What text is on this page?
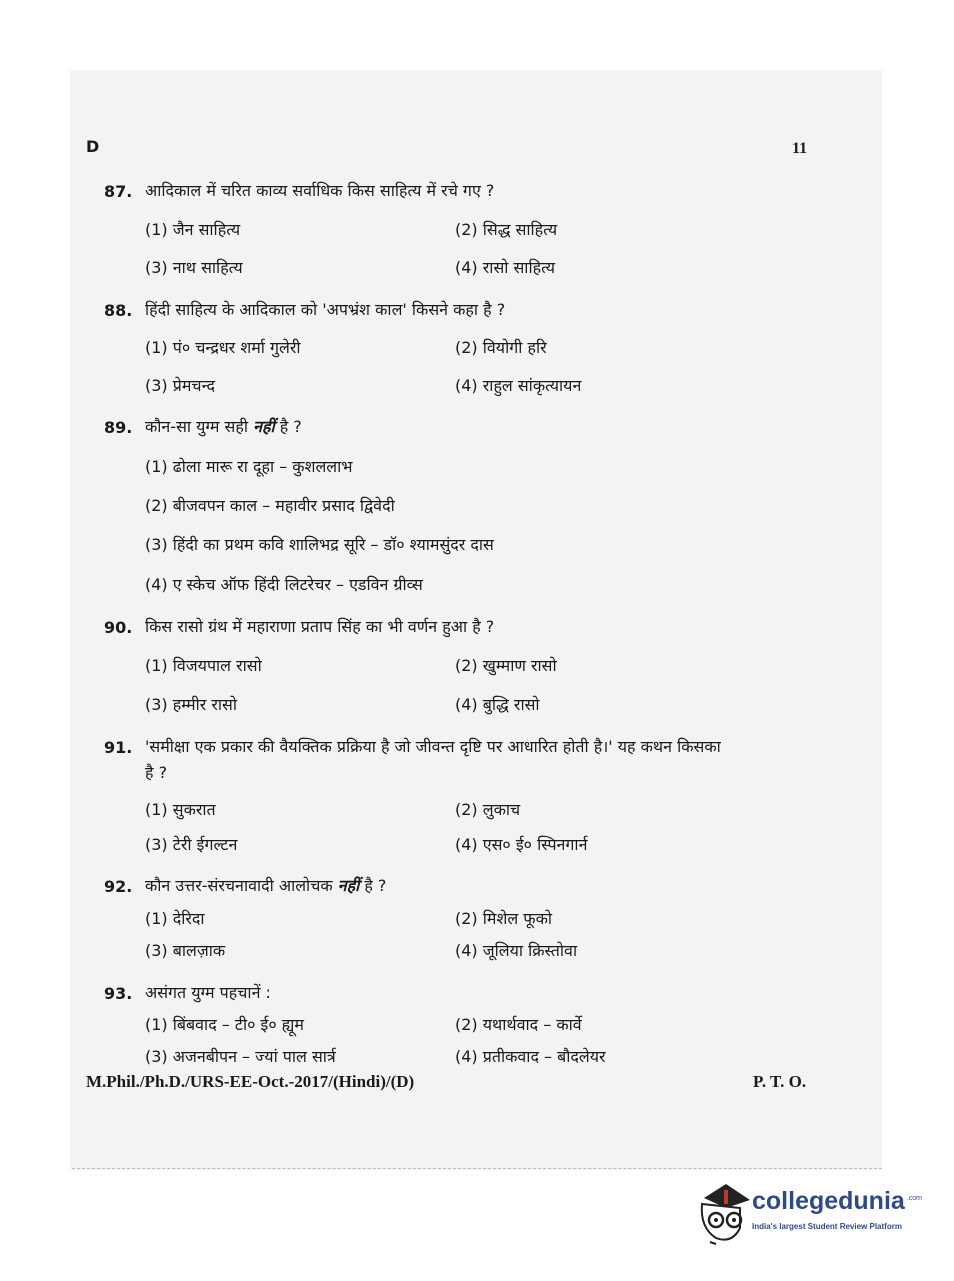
D	11
87. आदिकाल में चरित काव्य सर्वाधिक किस साहित्य में रचे गए ?
(1) जैन साहित्य	(2) सिद्ध साहित्य
(3) नाथ साहित्य	(4) रासो साहित्य
88. हिंदी साहित्य के आदिकाल को 'अपभ्रंश काल' किसने कहा है ?
(1) पं० चन्द्रधर शर्मा गुलेरी	(2) वियोगी हरि
(3) प्रेमचन्द	(4) राहुल सांकृत्यायन
89. कौन-सा युग्म सही नहीं है ?
(1) ढोला मारू रा दूहा – कुशललाभ
(2) बीजवपन काल – महावीर प्रसाद द्विवेदी
(3) हिंदी का प्रथम कवि शालिभद्र सूरि – डॉ० श्यामसुंदर दास
(4) ए स्केच ऑफ हिंदी लिटरेचर – एडविन ग्रीव्स
90. किस रासो ग्रंथ में महाराणा प्रताप सिंह का भी वर्णन हुआ है ?
(1) विजयपाल रासो	(2) खुम्माण रासो
(3) हम्मीर रासो	(4) बुद्धि रासो
91. 'समीक्षा एक प्रकार की वैयक्तिक प्रक्रिया है जो जीवन्त दृष्टि पर आधारित होती है।' यह कथन किसका
है ?
(1) सुकरात	(2) लुकाच
(3) टेरी ईगल्टन	(4) एस० ई० स्पिनगार्न
92. कौन उत्तर-संरचनावादी आलोचक नहीं है ?
(1) देरिदा	(2) मिशेल फूको
(3) बालज़ाक	(4) जूलिया क्रिस्तोवा
93. असंगत युग्म पहचानें :
(1) बिंबवाद – टी० ई० ह्यूम	(2) यथार्थवाद – कार्वे
(3) अजनबीपन – ज्यां पाल सार्त्र	(4) प्रतीकवाद – बौदलेयर
M.Phil./Ph.D./URS-EE-Oct.-2017/(Hindi)/(D)	P. T. O.
collegedunia .com
India's largest Student Review Platform
